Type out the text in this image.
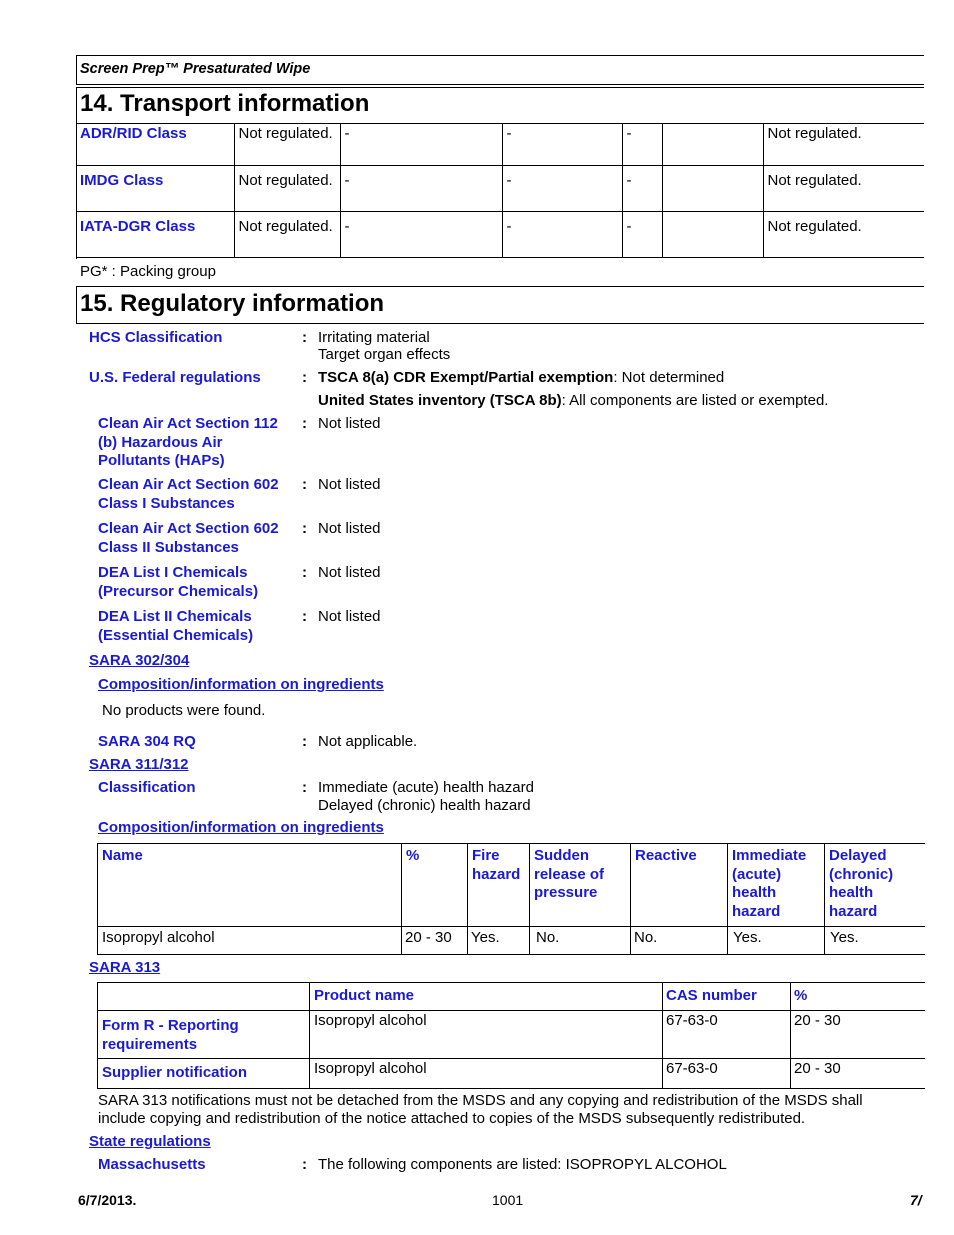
Screen Prep™ Presaturated Wipe
14. Transport information
ADR/RID Class	Not regulated.	-	-	-		Not regulated.
IMDG Class	Not regulated.	-	-	-		Not regulated.
IATA-DGR Class	Not regulated.	-	-	-		Not regulated.
PG* : Packing group
15. Regulatory information
HCS Classification	: Irritating material
Target organ effects
U.S. Federal regulations	: TSCA 8(a) CDR Exempt/Partial exemption: Not determined
United States inventory (TSCA 8b): All components are listed or exempted.
Clean Air Act Section 112 (b) Hazardous Air Pollutants (HAPs)
: Not listed
Clean Air Act Section 602 Class I Substances
: Not listed
Clean Air Act Section 602 Class II Substances
: Not listed
DEA List I Chemicals (Precursor Chemicals)
: Not listed
DEA List II Chemicals (Essential Chemicals)
: Not listed
SARA 302/304
Composition/information on ingredients
No products were found.
SARA 304 RQ	: Not applicable.
SARA 311/312
Classification	: Immediate (acute) health hazard
Delayed (chronic) health hazard
Composition/information on ingredients
Name	%	Fire hazard	Sudden release of pressure	Reactive	Immediate (acute) health hazard	Delayed (chronic) health hazard
Isopropyl alcohol	20 - 30	Yes.	No.	No.	Yes.	Yes.
SARA 313
	Product name	CAS number	%
Form R - Reporting requirements	Isopropyl alcohol	67-63-0	20 - 30
Supplier notification	Isopropyl alcohol	67-63-0	20 - 30
SARA 313 notifications must not be detached from the MSDS and any copying and redistribution of the MSDS shall include copying and redistribution of the notice attached to copies of the MSDS subsequently redistributed.
State regulations
Massachusetts	: The following components are listed: ISOPROPYL ALCOHOL
6/7/2013.	1001	7/
